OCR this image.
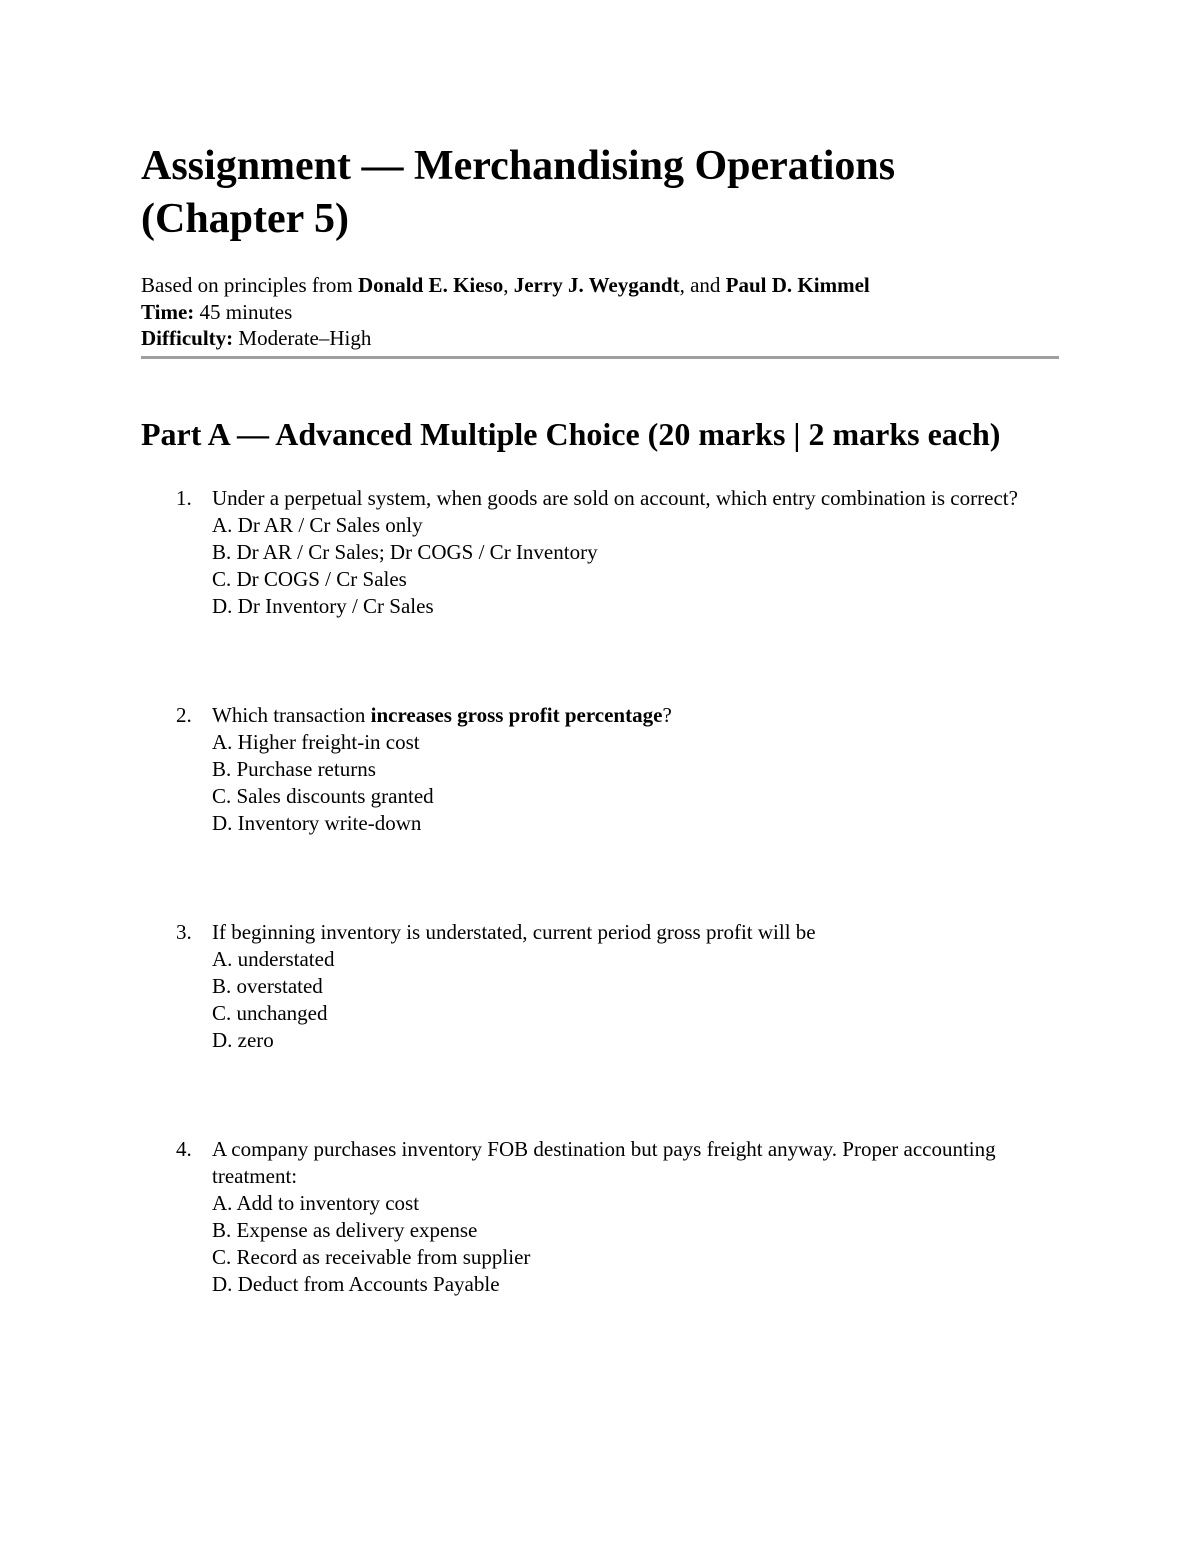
Assignment — Merchandising Operations (Chapter 5)
Based on principles from Donald E. Kieso, Jerry J. Weygandt, and Paul D. Kimmel
Time: 45 minutes
Difficulty: Moderate–High
Part A — Advanced Multiple Choice (20 marks | 2 marks each)
1. Under a perpetual system, when goods are sold on account, which entry combination is correct?
A. Dr AR / Cr Sales only
B. Dr AR / Cr Sales; Dr COGS / Cr Inventory
C. Dr COGS / Cr Sales
D. Dr Inventory / Cr Sales
2. Which transaction increases gross profit percentage?
A. Higher freight-in cost
B. Purchase returns
C. Sales discounts granted
D. Inventory write-down
3. If beginning inventory is understated, current period gross profit will be
A. understated
B. overstated
C. unchanged
D. zero
4. A company purchases inventory FOB destination but pays freight anyway. Proper accounting treatment:
A. Add to inventory cost
B. Expense as delivery expense
C. Record as receivable from supplier
D. Deduct from Accounts Payable
